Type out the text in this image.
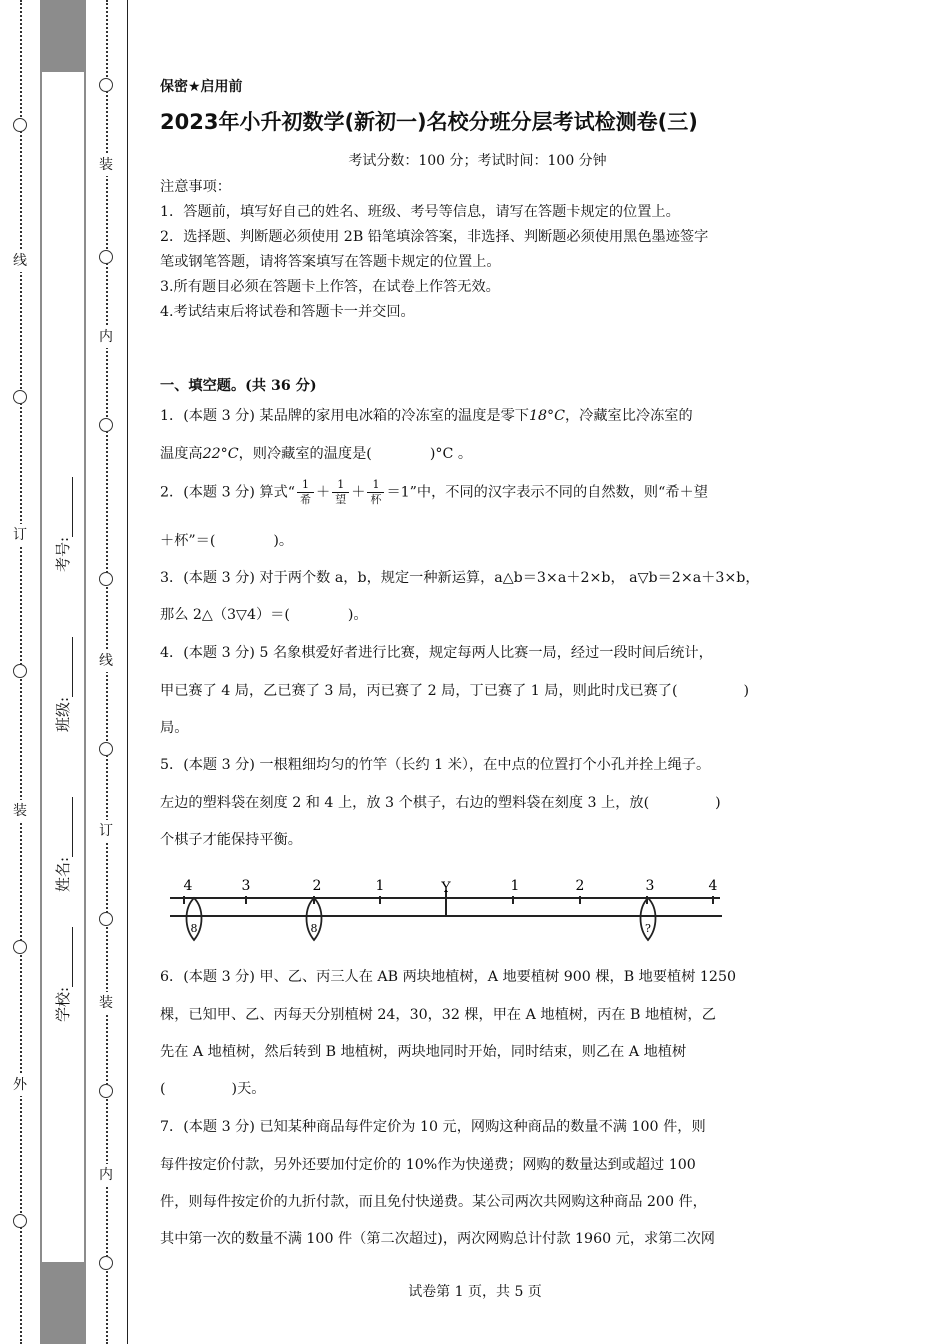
线
订
装
外
学校:
姓名:
班级:
考号:
装
内
线
订
装
内
保密★启用前
2023年小升初数学(新初一)名校分班分层考试检测卷(三)
考试分数：100 分；考试时间：100 分钟
注意事项：
1．答题前，填写好自己的姓名、班级、考号等信息，请写在答题卡规定的位置上。
2．选择题、判断题必须使用 2B 铅笔填涂答案，非选择、判断题必须使用黑色墨迹签字
笔或钢笔答题，请将答案填写在答题卡规定的位置上。
3.所有题目必须在答题卡上作答，在试卷上作答无效。
4.考试结束后将试卷和答题卡一并交回。
一、填空题。(共 36 分)
1．(本题 3 分) 某品牌的家用电冰箱的冷冻室的温度是零下18°C，冷藏室比冷冻室的
温度高22°C，则冷藏室的温度是(	)°C 。
2．(本题 3 分) 算式“ $\frac{1}{\text{希}} + \frac{1}{\text{望}} + \frac{1}{\text{杯}} =1$”中，不同的汉字表示不同的自然数，则“希＋望
＋杯”＝(	)。
3．(本题 3 分) 对于两个数 a，b，规定一种新运算，a△b＝3×a＋2×b， a▽b＝2×a＋3×b，
那么 2△（3▽4）＝(	)。
4．(本题 3 分) 5 名象棋爱好者进行比赛，规定每两人比赛一局，经过一段时间后统计，
甲已赛了 4 局，乙已赛了 3 局，丙已赛了 2 局，丁已赛了 1 局，则此时戊已赛了(	)
局。
5．(本题 3 分) 一根粗细均匀的竹竿（长约 1 米），在中点的位置打个小孔并拴上绳子。
左边的塑料袋在刻度 2 和 4 上，放 3 个棋子，右边的塑料袋在刻度 3 上，放(	)
个棋子才能保持平衡。
4	3	2	1	Y	1	2	3	4
8	8	?
6．(本题 3 分) 甲、乙、丙三人在 AB 两块地植树，A 地要植树 900 棵，B 地要植树 1250
棵，已知甲、乙、丙每天分别植树 24，30，32 棵，甲在 A 地植树，丙在 B 地植树，乙
先在 A 地植树，然后转到 B 地植树，两块地同时开始，同时结束，则乙在 A 地植树
(	)天。
7．(本题 3 分) 已知某种商品每件定价为 10 元，网购这种商品的数量不满 100 件，则
每件按定价付款，另外还要加付定价的 10%作为快递费；网购的数量达到或超过 100
件，则每件按定价的九折付款，而且免付快递费。某公司两次共网购这种商品 200 件，
其中第一次的数量不满 100 件（第二次超过)，两次网购总计付款 1960 元，求第二次网
试卷第 1 页，共 5 页
